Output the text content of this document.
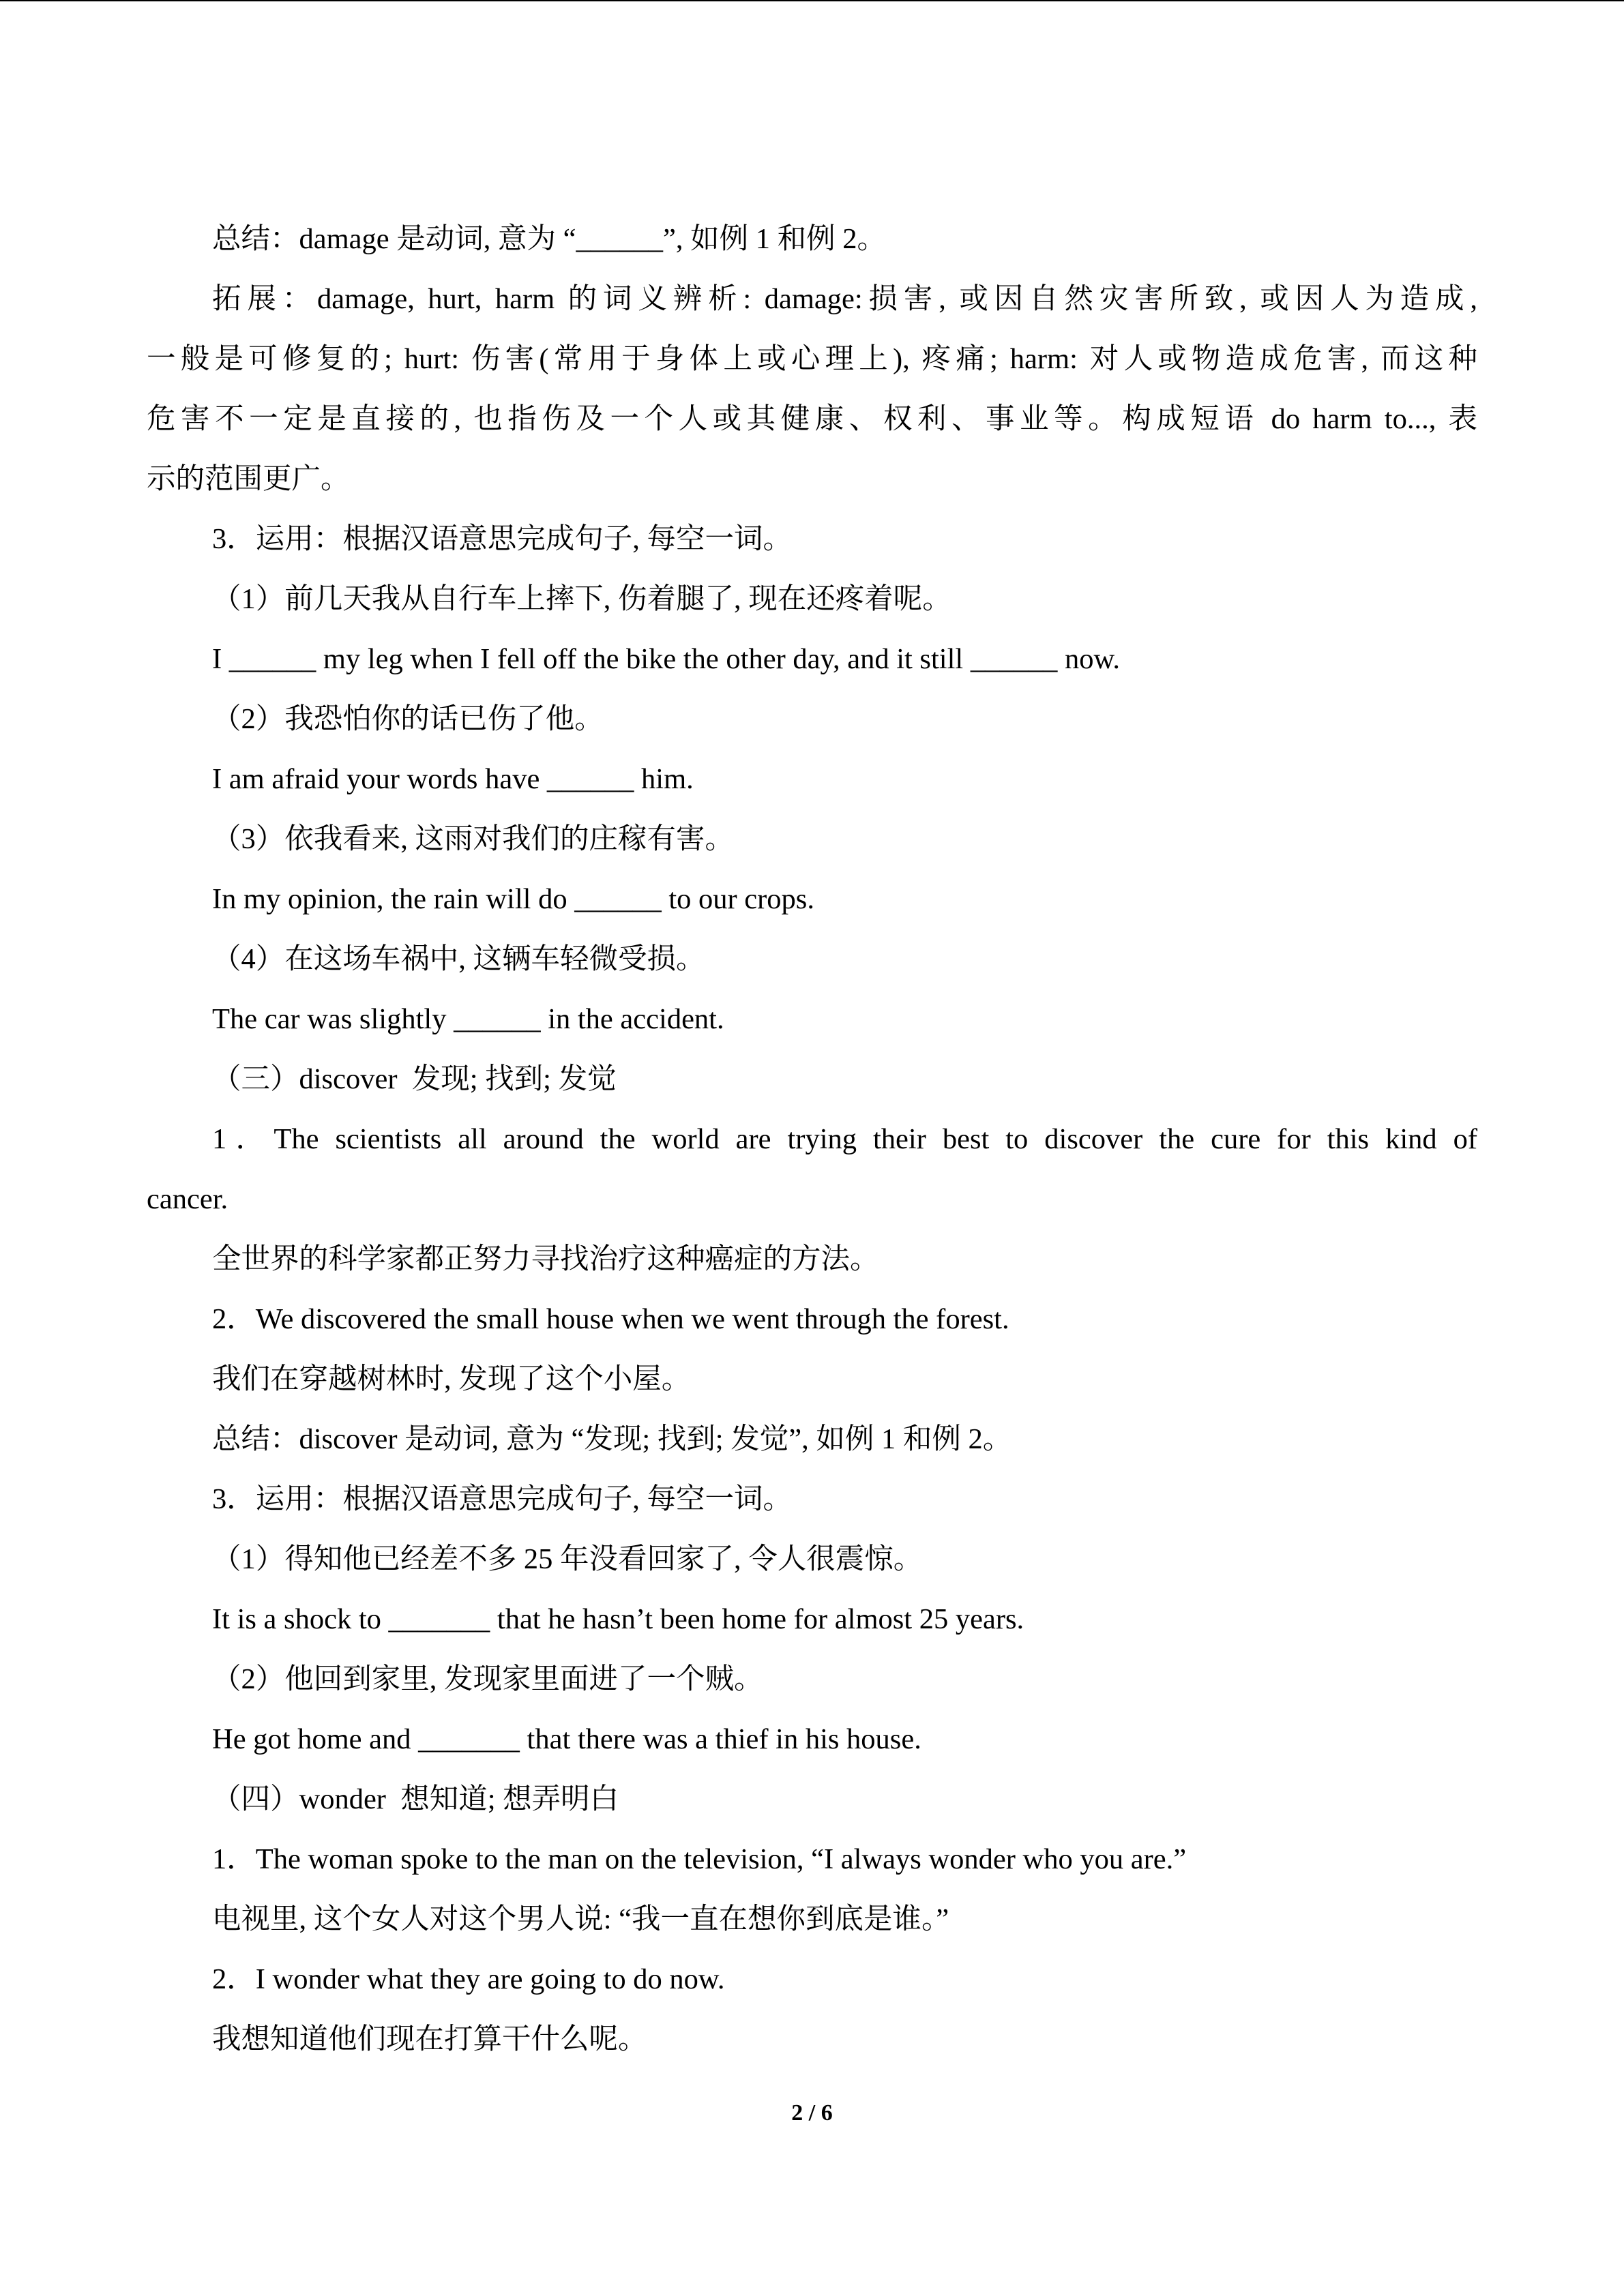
总结：damage 是动词, 意为 “______”, 如例 1 和例 2。
拓展：damage, hurt, harm 的词义辨析: damage:损害, 或因自然灾害所致, 或因人为造成,
一般是可修复的; hurt: 伤害(常用于身体上或心理上), 疼痛; harm: 对人或物造成危害, 而这种
危害不一定是直接的, 也指伤及一个人或其健康、权利、事业等。构成短语 do harm to..., 表
示的范围更广。
3．运用：根据汉语意思完成句子, 每空一词。
（1）前几天我从自行车上摔下, 伤着腿了, 现在还疼着呢。
I ______ my leg when I fell off the bike the other day, and it still ______ now.
（2）我恐怕你的话已伤了他。
I am afraid your words have ______ him.
（3）依我看来, 这雨对我们的庄稼有害。
In my opinion, the rain will do ______ to our crops.
（4）在这场车祸中, 这辆车轻微受损。
The car was slightly ______ in the accident.
（三）discover  发现; 找到; 发觉
1．The scientists all around the world are trying their best to discover the cure for this kind of
cancer.
全世界的科学家都正努力寻找治疗这种癌症的方法。
2．We discovered the small house when we went through the forest.
我们在穿越树林时, 发现了这个小屋。
总结：discover 是动词, 意为 “发现; 找到; 发觉”, 如例 1 和例 2。
3．运用：根据汉语意思完成句子, 每空一词。
（1）得知他已经差不多 25 年没看回家了, 令人很震惊。
It is a shock to _______ that he hasn’t been home for almost 25 years.
（2）他回到家里, 发现家里面进了一个贼。
He got home and _______ that there was a thief in his house.
（四）wonder  想知道; 想弄明白
1．The woman spoke to the man on the television, “I always wonder who you are.”
电视里, 这个女人对这个男人说: “我一直在想你到底是谁。”
2．I wonder what they are going to do now.
我想知道他们现在打算干什么呢。
2 / 6
